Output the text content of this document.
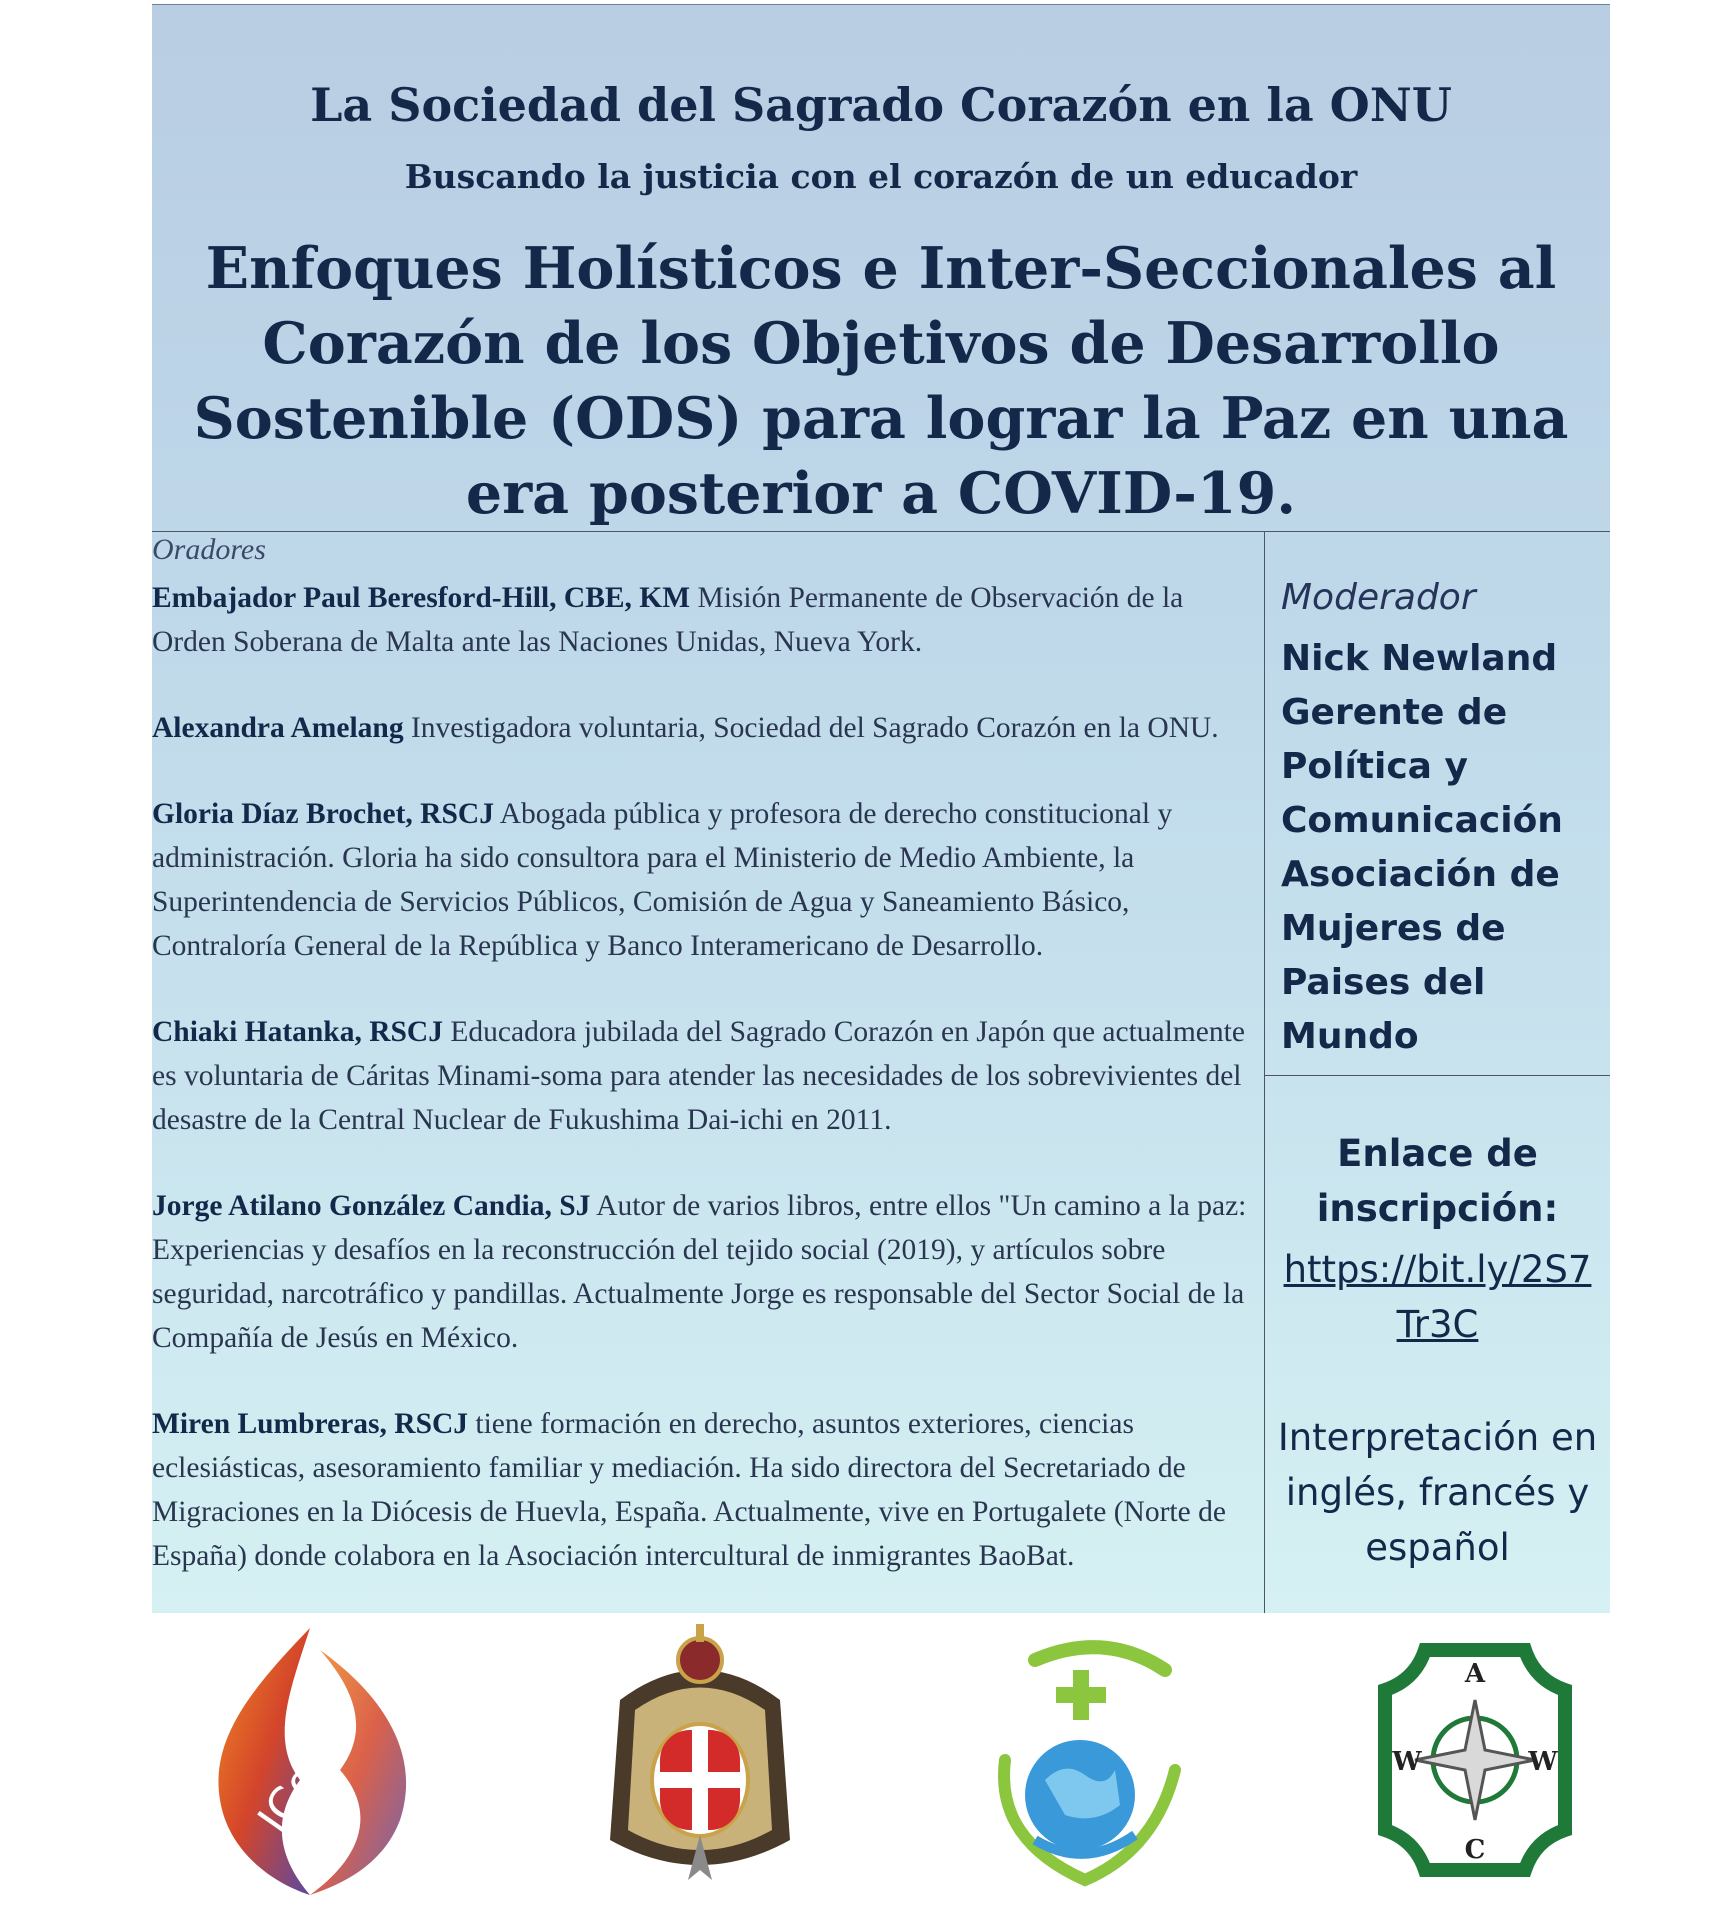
La Sociedad del Sagrado Corazón en la ONU
Buscando la justicia con el corazón de un educador
Enfoques Holísticos e Inter-Seccionales al Corazón de los Objetivos de Desarrollo Sostenible (ODS) para lograr la Paz en una era posterior a COVID-19.
Oradores
Embajador Paul Beresford-Hill, CBE, KM Misión Permanente de Observación de la Orden Soberana de Malta ante las Naciones Unidas, Nueva York.
Alexandra Amelang Investigadora voluntaria, Sociedad del Sagrado Corazón en la ONU.
Gloria Díaz Brochet, RSCJ Abogada pública y profesora de derecho constitucional y administración. Gloria ha sido consultora para el Ministerio de Medio Ambiente, la Superintendencia de Servicios Públicos, Comisión de Agua y Saneamiento Básico, Contraloría General de la República y Banco Interamericano de Desarrollo.
Chiaki Hatanka, RSCJ Educadora jubilada del Sagrado Corazón en Japón que actualmente es voluntaria de Cáritas Minami-soma para atender las necesidades de los sobrevivientes del desastre de la Central Nuclear de Fukushima Dai-ichi en 2011.
Jorge Atilano González Candia, SJ Autor de varios libros, entre ellos "Un camino a la paz: Experiencias y desafíos en la reconstrucción del tejido social (2019), y artículos sobre seguridad, narcotráfico y pandillas. Actualmente Jorge es responsable del Sector Social de la Compañía de Jesús en México.
Miren Lumbreras, RSCJ tiene formación en derecho, asuntos exteriores, ciencias eclesiásticas, asesoramiento familiar y mediación. Ha sido directora del Secretariado de Migraciones en la Diócesis de Huevla, España. Actualmente, vive en Portugalete (Norte de España) donde colabora en la Asociación intercultural de inmigrantes BaoBat.
Moderador
Nick Newland Gerente de Política y Comunicación Asociación de Mujeres de Paises del Mundo
Enlace de inscripción:
https://bit.ly/2S7Tr3C
Interpretación en inglés, francés y español
JCoR
A
W	W
C
